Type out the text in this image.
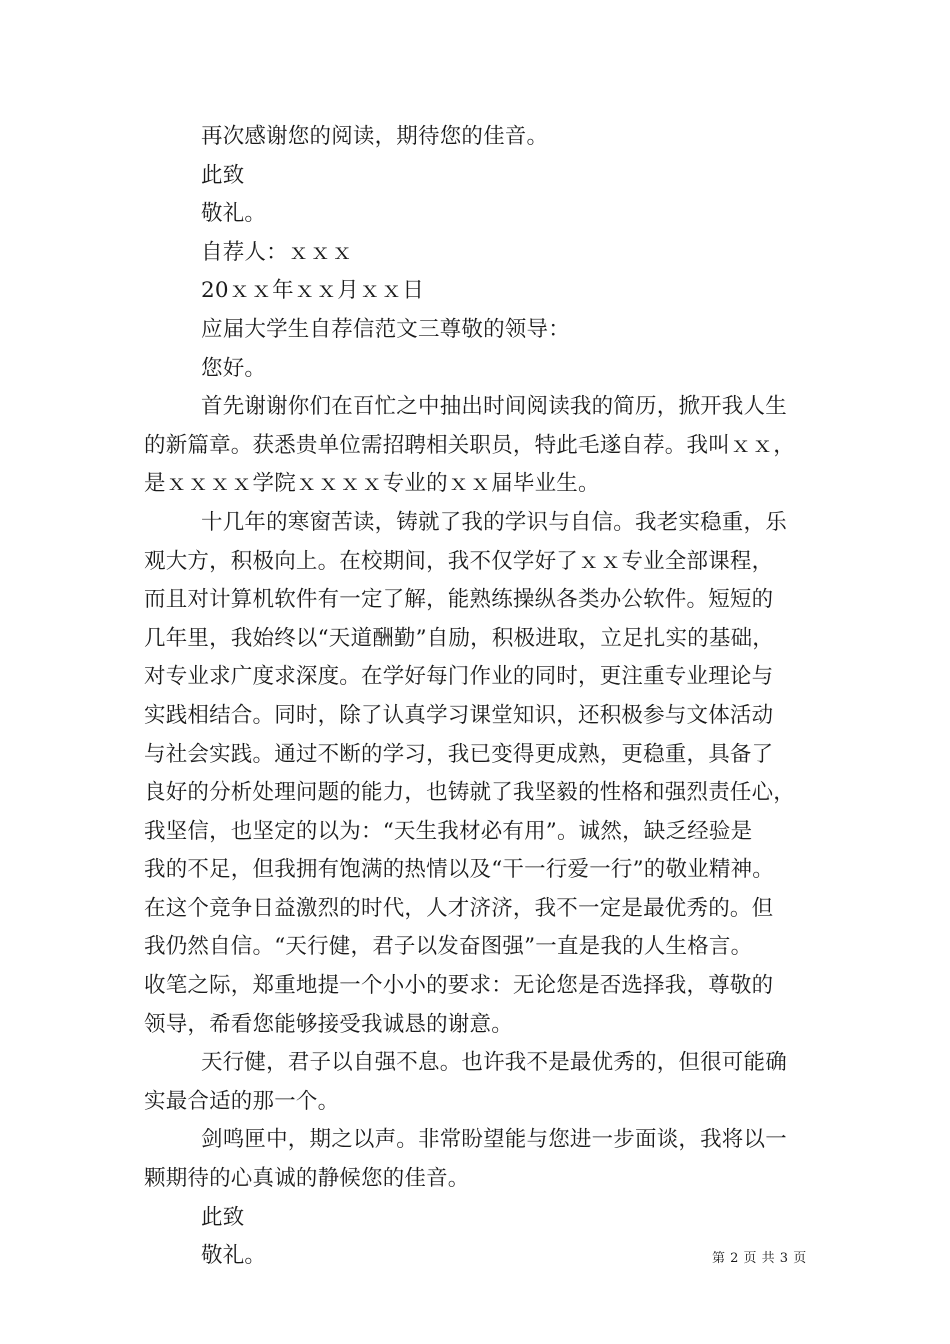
再次感谢您的阅读，期待您的佳音。
此致
敬礼。
自荐人：ｘｘｘ
20ｘｘ年ｘｘ月ｘｘ日
应届大学生自荐信范文三尊敬的领导：
您好。
首先谢谢你们在百忙之中抽出时间阅读我的简历，掀开我人生
的新篇章。获悉贵单位需招聘相关职员，特此毛遂自荐。我叫ｘｘ，
是ｘｘｘｘ学院ｘｘｘｘ专业的ｘｘ届毕业生。
十几年的寒窗苦读，铸就了我的学识与自信。我老实稳重，乐
观大方，积极向上。在校期间，我不仅学好了ｘｘ专业全部课程，
而且对计算机软件有一定了解，能熟练操纵各类办公软件。短短的
几年里，我始终以“天道酬勤”自励，积极进取，立足扎实的基础，
对专业求广度求深度。在学好每门作业的同时，更注重专业理论与
实践相结合。同时，除了认真学习课堂知识，还积极参与文体活动
与社会实践。通过不断的学习，我已变得更成熟，更稳重，具备了
良好的分析处理问题的能力，也铸就了我坚毅的性格和强烈责任心，
我坚信，也坚定的以为：“天生我材必有用”。诚然，缺乏经验是
我的不足，但我拥有饱满的热情以及“干一行爱一行”的敬业精神。
在这个竞争日益激烈的时代，人才济济，我不一定是最优秀的。但
我仍然自信。“天行健，君子以发奋图强”一直是我的人生格言。
收笔之际，郑重地提一个小小的要求：无论您是否选择我，尊敬的
领导，希看您能够接受我诚恳的谢意。
天行健，君子以自强不息。也许我不是最优秀的，但很可能确
实最合适的那一个。
剑鸣匣中，期之以声。非常盼望能与您进一步面谈，我将以一
颗期待的心真诚的静候您的佳音。
此致
敬礼。	第 2 页 共 3 页
